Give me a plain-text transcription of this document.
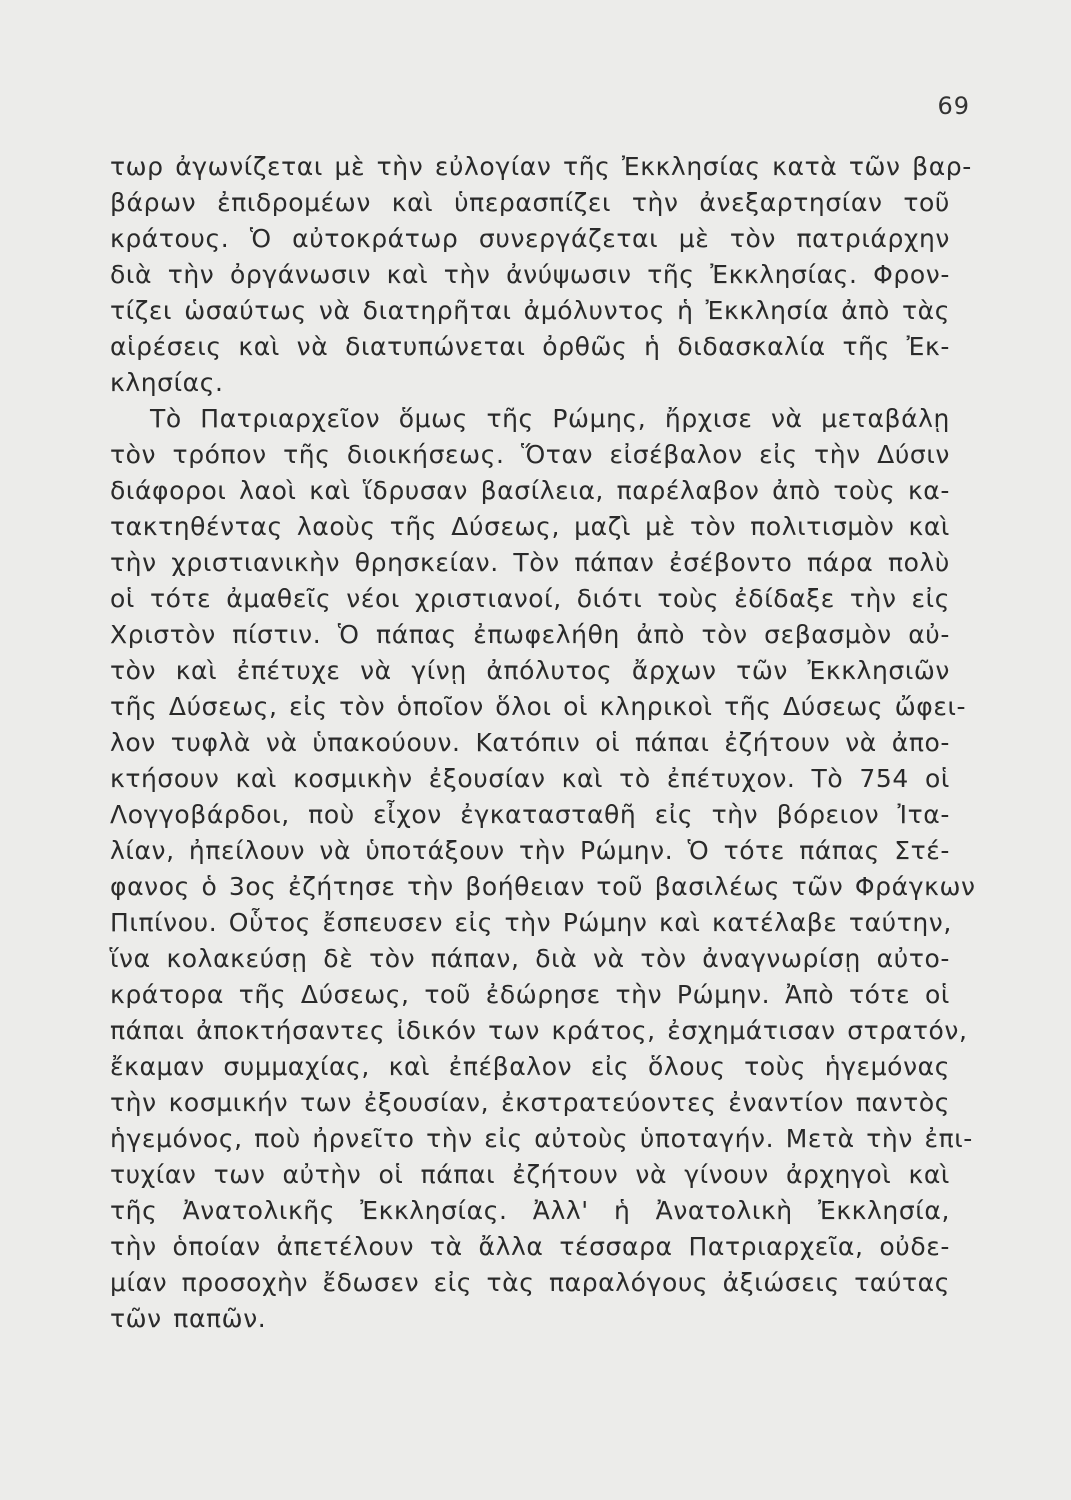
69
τωρ ἀγωνίζεται μὲ τὴν εὐλογίαν τῆς Ἐκκλησίας κατὰ τῶν βαρ-
βάρων ἐπιδρομέων καὶ ὑπερασπίζει τὴν ἀνεξαρτησίαν τοῦ
κράτους. Ὁ αὐτοκράτωρ συνεργάζεται μὲ τὸν πατριάρχην
διὰ τὴν ὀργάνωσιν καὶ τὴν ἀνύψωσιν τῆς Ἐκκλησίας. Φρον-
τίζει ὡσαύτως νὰ διατηρῆται ἀμόλυντος ἡ Ἐκκλησία ἀπὸ τὰς
αἱρέσεις καὶ νὰ διατυπώνεται ὀρθῶς ἡ διδασκαλία τῆς Ἐκ-
κλησίας.
Τὸ Πατριαρχεῖον ὅμως τῆς Ρώμης, ἤρχισε νὰ μεταβάλῃ
τὸν τρόπον τῆς διοικήσεως. Ὅταν εἰσέβαλον εἰς τὴν Δύσιν
διάφοροι λαοὶ καὶ ἵδρυσαν βασίλεια, παρέλαβον ἀπὸ τοὺς κα-
τακτηθέντας λαοὺς τῆς Δύσεως, μαζὶ μὲ τὸν πολιτισμὸν καὶ
τὴν χριστιανικὴν θρησκείαν. Τὸν πάπαν ἐσέβοντο πάρα πολὺ
οἱ τότε ἀμαθεῖς νέοι χριστιανοί, διότι τοὺς ἐδίδαξε τὴν εἰς
Χριστὸν πίστιν. Ὁ πάπας ἐπωφελήθη ἀπὸ τὸν σεβασμὸν αὐ-
τὸν καὶ ἐπέτυχε νὰ γίνῃ ἀπόλυτος ἄρχων τῶν Ἐκκλησιῶν
τῆς Δύσεως, εἰς τὸν ὁποῖον ὅλοι οἱ κληρικοὶ τῆς Δύσεως ὤφει-
λον τυφλὰ νὰ ὑπακούουν. Κατόπιν οἱ πάπαι ἐζήτουν νὰ ἀπο-
κτήσουν καὶ κοσμικὴν ἐξουσίαν καὶ τὸ ἐπέτυχον. Τὸ 754 οἱ
Λογγοβάρδοι, ποὺ εἶχον ἐγκατασταθῆ εἰς τὴν βόρειον Ἰτα-
λίαν, ἠπείλουν νὰ ὑποτάξουν τὴν Ρώμην. Ὁ τότε πάπας Στέ-
φανος ὁ 3ος ἐζήτησε τὴν βοήθειαν τοῦ βασιλέως τῶν Φράγκων
Πιπίνου. Οὗτος ἔσπευσεν εἰς τὴν Ρώμην καὶ κατέλαβε ταύτην,
ἵνα κολακεύσῃ δὲ τὸν πάπαν, διὰ νὰ τὸν ἀναγνωρίσῃ αὐτο-
κράτορα τῆς Δύσεως, τοῦ ἐδώρησε τὴν Ρώμην. Ἀπὸ τότε οἱ
πάπαι ἀποκτήσαντες ἰδικόν των κράτος, ἐσχημάτισαν στρατόν,
ἔκαμαν συμμαχίας, καὶ ἐπέβαλον εἰς ὅλους τοὺς ἡγεμόνας
τὴν κοσμικήν των ἐξουσίαν, ἐκστρατεύοντες ἐναντίον παντὸς
ἡγεμόνος, ποὺ ἠρνεῖτο τὴν εἰς αὐτοὺς ὑποταγήν. Μετὰ τὴν ἐπι-
τυχίαν των αὐτὴν οἱ πάπαι ἐζήτουν νὰ γίνουν ἀρχηγοὶ καὶ
τῆς Ἀνατολικῆς Ἐκκλησίας. Ἀλλ' ἡ Ἀνατολικὴ Ἐκκλησία,
τὴν ὁποίαν ἀπετέλουν τὰ ἄλλα τέσσαρα Πατριαρχεῖα, οὐδε-
μίαν προσοχὴν ἔδωσεν εἰς τὰς παραλόγους ἀξιώσεις ταύτας
τῶν παπῶν.
